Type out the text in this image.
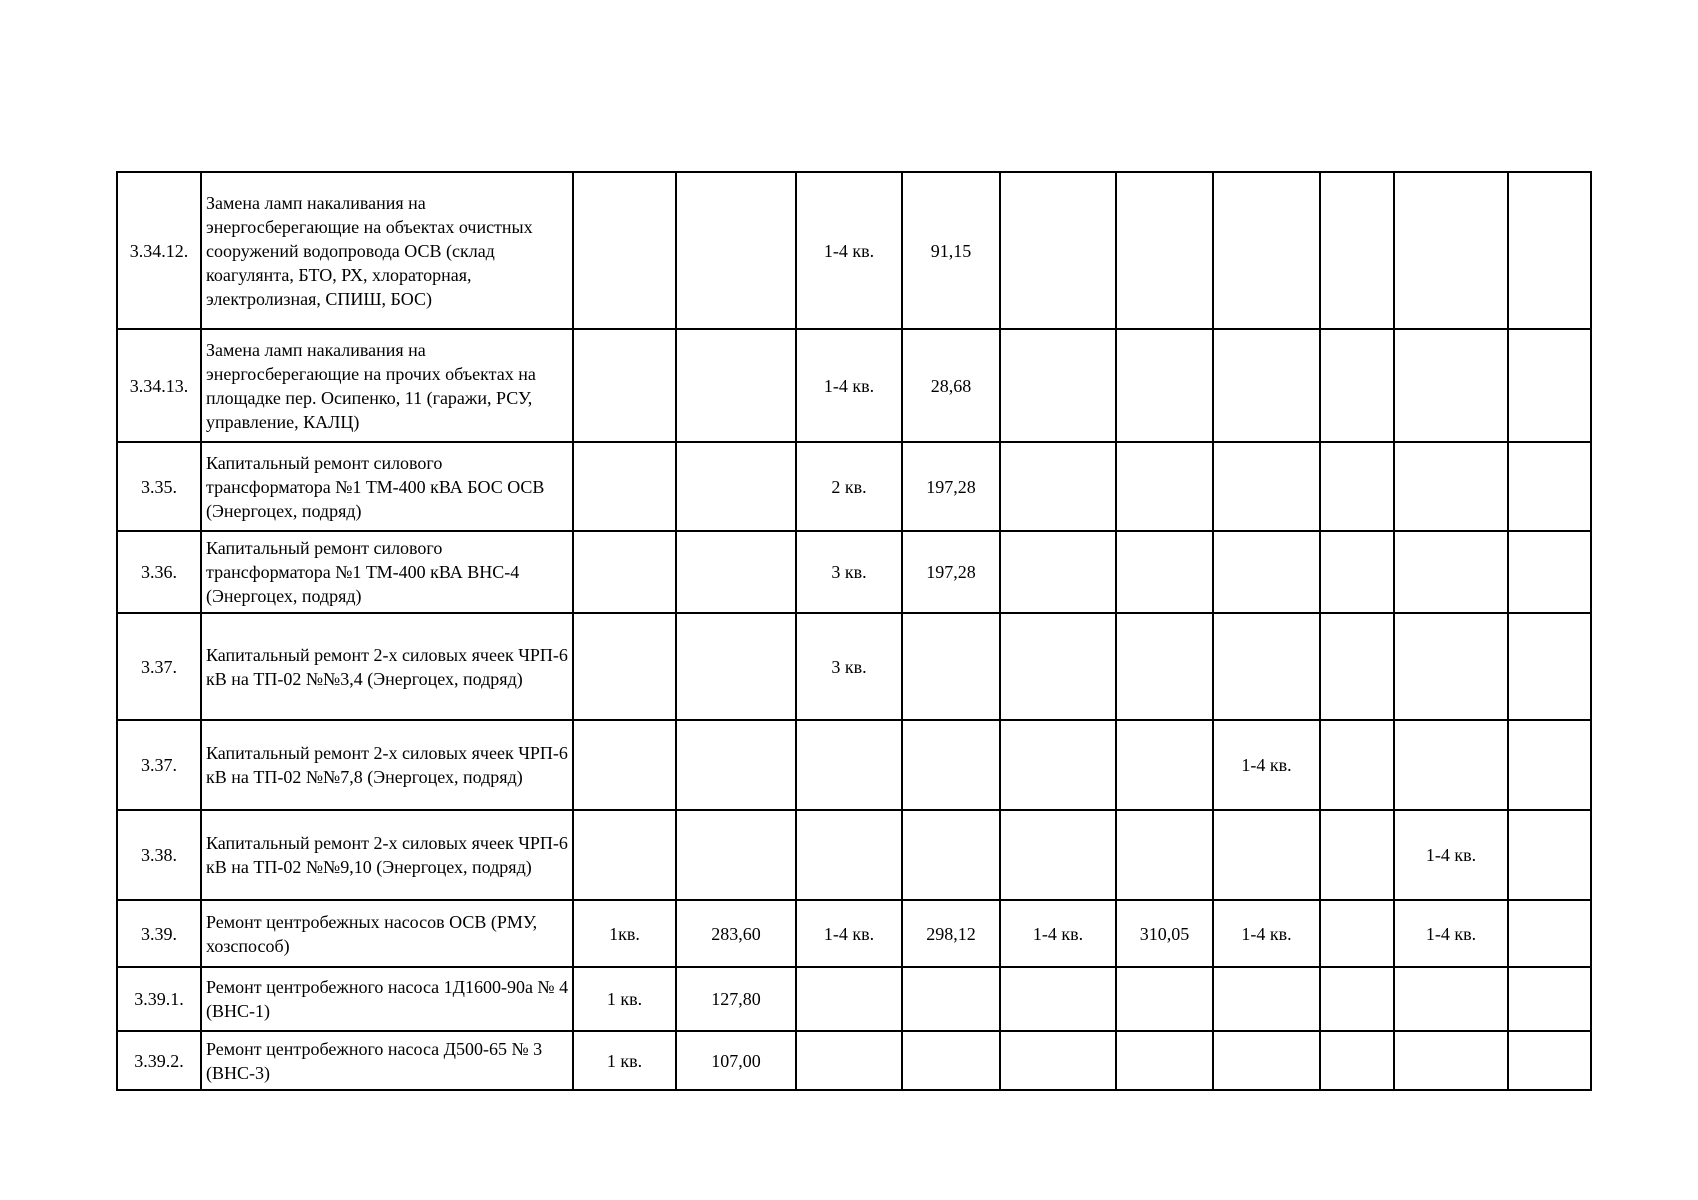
3.34.12.	Замена ламп накаливания на энергосберегающие на объектах очистных сооружений водопровода ОСВ (склад коагулянта, БТО, РХ, хлораторная, электролизная, СПИШ, БОС)			1-4 кв.	91,15						
3.34.13.	Замена ламп накаливания на энергосберегающие на прочих объектах на площадке пер. Осипенко, 11 (гаражи, РСУ, управление, КАЛЦ)			1-4 кв.	28,68						
3.35.	Капитальный ремонт силового трансформатора №1 ТМ-400 кВА БОС ОСВ (Энергоцех, подряд)			2 кв.	197,28						
3.36.	Капитальный ремонт силового трансформатора №1 ТМ-400 кВА ВНС-4 (Энергоцех, подряд)			3 кв.	197,28						
3.37.	Капитальный ремонт 2-х силовых ячеек ЧРП-6 кВ на ТП-02 №№3,4 (Энергоцех, подряд)			3 кв.							
3.37.	Капитальный ремонт 2-х силовых ячеек ЧРП-6 кВ на ТП-02 №№7,8 (Энергоцех, подряд)							1-4 кв.			
3.38.	Капитальный ремонт 2-х силовых ячеек ЧРП-6 кВ на ТП-02 №№9,10 (Энергоцех, подряд)									1-4 кв.	
3.39.	Ремонт центробежных насосов ОСВ (РМУ, хозспособ)	1кв.	283,60	1-4 кв.	298,12	1-4 кв.	310,05	1-4 кв.		1-4 кв.	
3.39.1.	Ремонт центробежного насоса 1Д1600-90а № 4 (ВНС-1)	1 кв.	127,80								
3.39.2.	Ремонт центробежного насоса Д500-65 № 3 (ВНС-3)	1 кв.	107,00								
